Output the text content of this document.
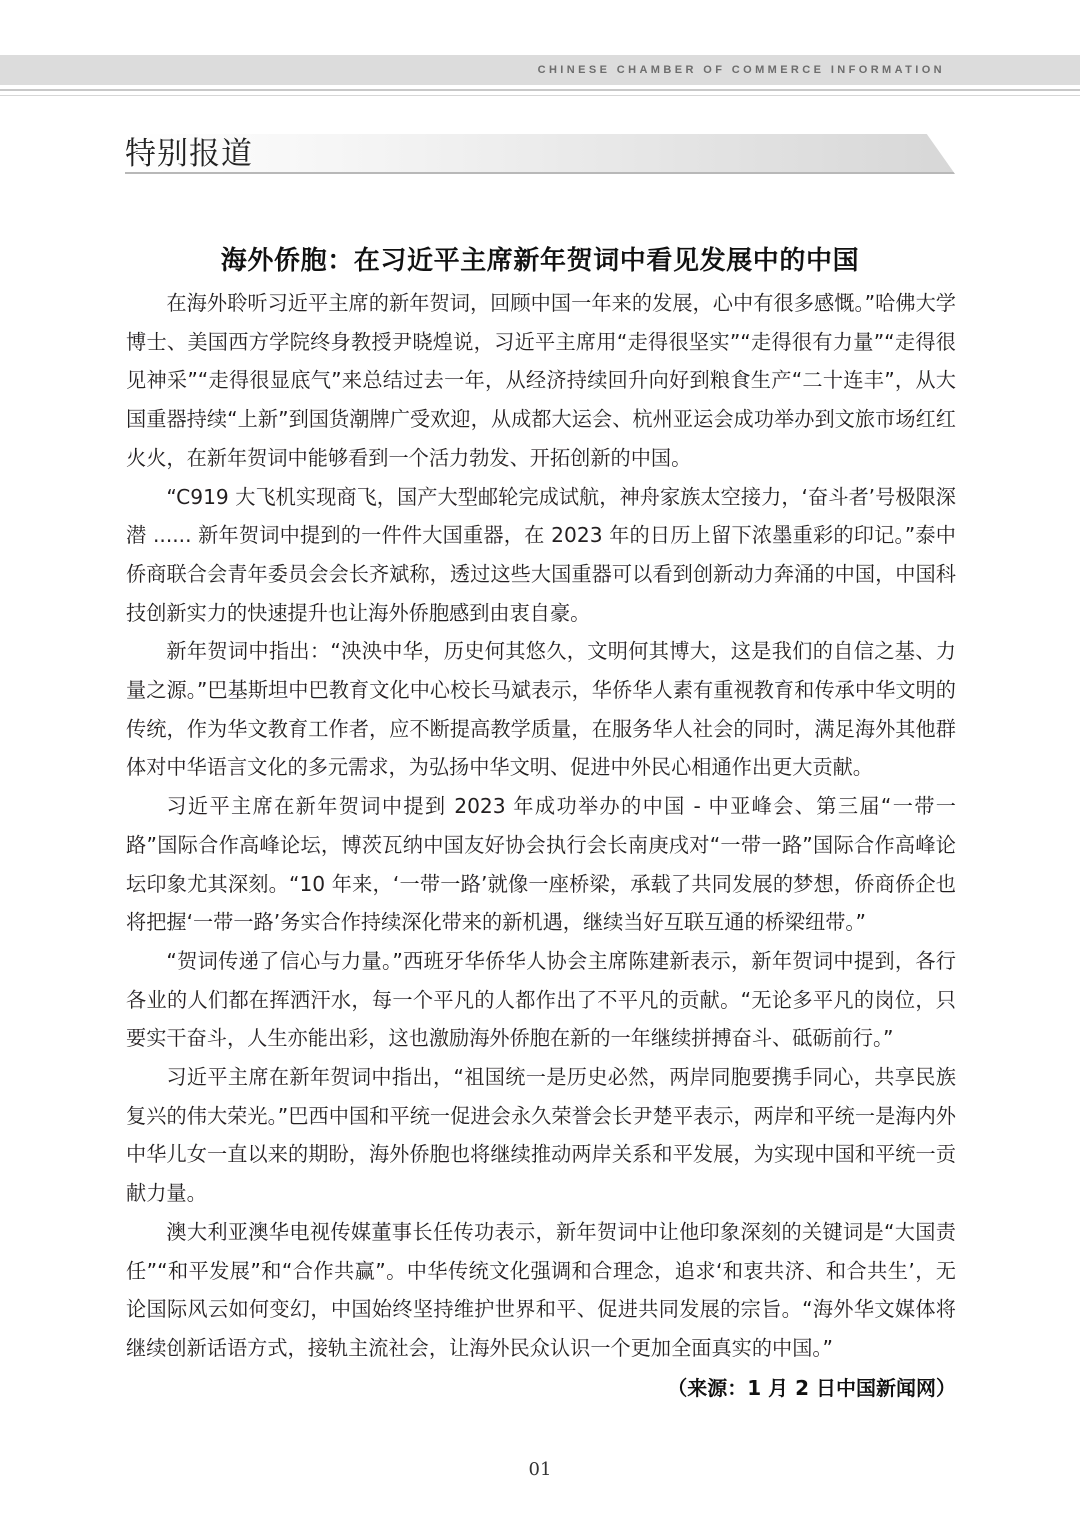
CHINESE CHAMBER OF COMMERCE INFORMATION
特别报道
海外侨胞：在习近平主席新年贺词中看见发展中的中国

在海外聆听习近平主席的新年贺词，回顾中国一年来的发展，心中有很多感慨。”哈佛大学博士、美国西方学院终身教授尹晓煌说，习近平主席用“走得很坚实”“走得很有力量”“走得很见神采”“走得很显底气”来总结过去一年，从经济持续回升向好到粮食生产“二十连丰”，从大国重器持续“上新”到国货潮牌广受欢迎，从成都大运会、杭州亚运会成功举办到文旅市场红红火火，在新年贺词中能够看到一个活力勃发、开拓创新的中国。

“C919 大飞机实现商飞，国产大型邮轮完成试航，神舟家族太空接力，‘奋斗者’号极限深潜 ...... 新年贺词中提到的一件件大国重器，在 2023 年的日历上留下浓墨重彩的印记。”泰中侨商联合会青年委员会会长齐斌称，透过这些大国重器可以看到创新动力奔涌的中国，中国科技创新实力的快速提升也让海外侨胞感到由衷自豪。

新年贺词中指出：“泱泱中华，历史何其悠久，文明何其博大，这是我们的自信之基、力量之源。”巴基斯坦中巴教育文化中心校长马斌表示，华侨华人素有重视教育和传承中华文明的传统，作为华文教育工作者，应不断提高教学质量，在服务华人社会的同时，满足海外其他群体对中华语言文化的多元需求，为弘扬中华文明、促进中外民心相通作出更大贡献。

习近平主席在新年贺词中提到 2023 年成功举办的中国 - 中亚峰会、第三届“一带一路”国际合作高峰论坛，博茨瓦纳中国友好协会执行会长南庚戌对“一带一路”国际合作高峰论坛印象尤其深刻。“10 年来，‘一带一路’就像一座桥梁，承载了共同发展的梦想，侨商侨企也将把握‘一带一路’务实合作持续深化带来的新机遇，继续当好互联互通的桥梁纽带。”

“贺词传递了信心与力量。”西班牙华侨华人协会主席陈建新表示，新年贺词中提到，各行各业的人们都在挥洒汗水，每一个平凡的人都作出了不平凡的贡献。“无论多平凡的岗位，只要实干奋斗，人生亦能出彩，这也激励海外侨胞在新的一年继续拼搏奋斗、砥砺前行。”

习近平主席在新年贺词中指出，“祖国统一是历史必然，两岸同胞要携手同心，共享民族复兴的伟大荣光。”巴西中国和平统一促进会永久荣誉会长尹楚平表示，两岸和平统一是海内外中华儿女一直以来的期盼，海外侨胞也将继续推动两岸关系和平发展，为实现中国和平统一贡献力量。

澳大利亚澳华电视传媒董事长任传功表示，新年贺词中让他印象深刻的关键词是“大国责任”“和平发展”和“合作共赢”。中华传统文化强调和合理念，追求‘和衷共济、和合共生’，无论国际风云如何变幻，中国始终坚持维护世界和平、促进共同发展的宗旨。“海外华文媒体将继续创新话语方式，接轨主流社会，让海外民众认识一个更加全面真实的中国。”

（来源：1 月 2 日中国新闻网）
01
